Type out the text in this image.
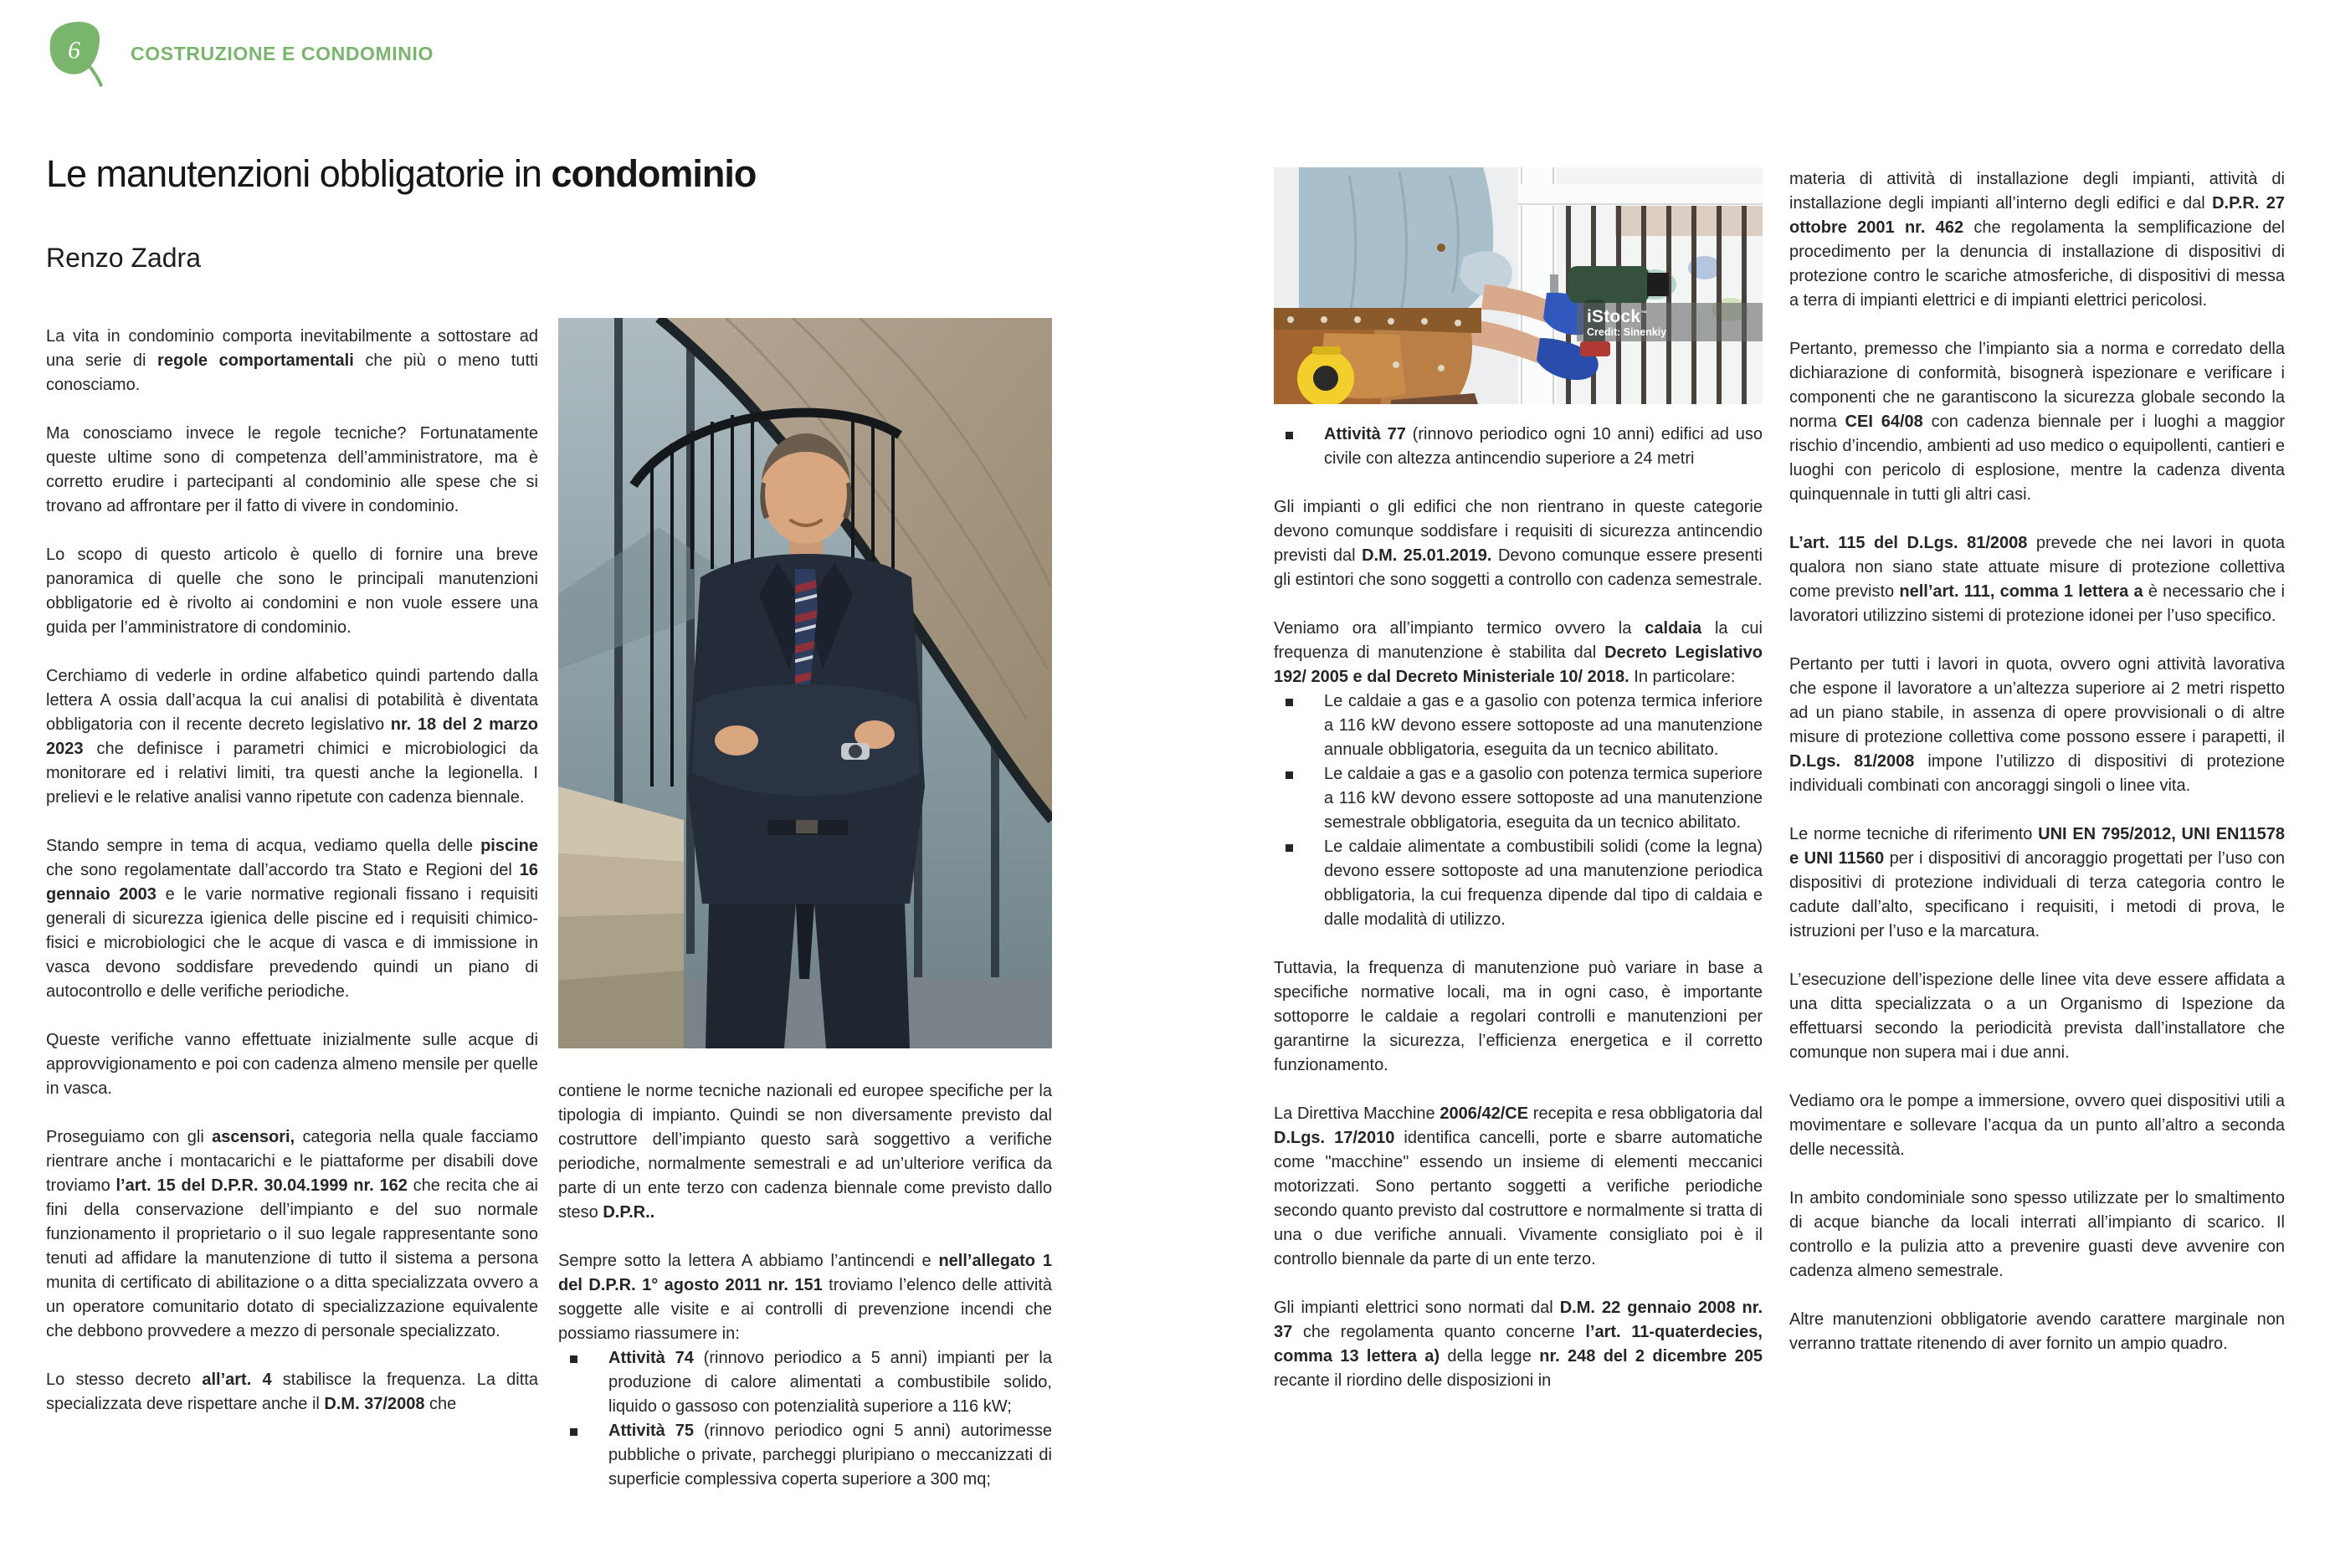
6	COSTRUZIONE E CONDOMINIO
Le manutenzioni obbligatorie in condominio
Renzo Zadra

La vita in condominio comporta inevitabilmente a sottostare ad una serie di regole comportamentali che più o meno tutti conosciamo.

Ma conosciamo invece le regole tecniche? Fortunatamente queste ultime sono di competenza dell’amministratore, ma è corretto erudire i partecipanti al condominio alle spese che si trovano ad affrontare per il fatto di vivere in condominio.

Lo scopo di questo articolo è quello di fornire una breve panoramica di quelle che sono le principali manutenzioni obbligatorie ed è rivolto ai condomini e non vuole essere una guida per l’amministratore di condominio.

Cerchiamo di vederle in ordine alfabetico quindi partendo dalla lettera A ossia dall’acqua la cui analisi di potabilità è diventata obbligatoria con il recente decreto legislativo nr. 18 del 2 marzo 2023 che definisce i parametri chimici e microbiologici da monitorare ed i relativi limiti, tra questi anche la legionella. I prelievi e le relative analisi vanno ripetute con cadenza biennale.

Stando sempre in tema di acqua, vediamo quella delle piscine che sono regolamentate dall’accordo tra Stato e Regioni del 16 gennaio 2003 e le varie normative regionali fissano i requisiti generali di sicurezza igienica delle piscine ed i requisiti chimico-fisici e microbiologici che le acque di vasca e di immissione in vasca devono soddisfare prevedendo quindi un piano di autocontrollo e delle verifiche periodiche.

Queste verifiche vanno effettuate inizialmente sulle acque di approvvigionamento e poi con cadenza almeno mensile per quelle in vasca.

Proseguiamo con gli ascensori, categoria nella quale facciamo rientrare anche i montacarichi e le piattaforme per disabili dove troviamo l’art. 15 del D.P.R. 30.04.1999 nr. 162 che recita che ai fini della conservazione dell’impianto e del suo normale funzionamento il proprietario o il suo legale rappresentante sono tenuti ad affidare la manutenzione di tutto il sistema a persona munita di certificato di abilitazione o a ditta specializzata ovvero a un operatore comunitario dotato di specializzazione equivalente che debbono provvedere a mezzo di personale specializzato.

Lo stesso decreto all’art. 4 stabilisce la frequenza. La ditta specializzata deve rispettare anche il D.M. 37/2008 che

contiene le norme tecniche nazionali ed europee specifiche per la tipologia di impianto. Quindi se non diversamente previsto dal costruttore dell’impianto questo sarà soggettivo a verifiche periodiche, normalmente semestrali e ad un’ulteriore verifica da parte di un ente terzo con cadenza biennale come previsto dallo steso D.P.R..

Sempre sotto la lettera A abbiamo l’antincendi e nell’allegato 1 del D.P.R. 1° agosto 2011 nr. 151 troviamo l’elenco delle attività soggette alle visite e ai controlli di prevenzione incendi che possiamo riassumere in:

Attività 74 (rinnovo periodico a 5 anni) impianti per la produzione di calore alimentati a combustibile solido, liquido o gassoso con potenzialità superiore a 116 kW;
Attività 75 (rinnovo periodico ogni 5 anni) autorimesse pubbliche o private, parcheggi pluripiano o meccanizzati di superficie complessiva coperta superiore a 300 mq;
iStock™
Credit: Sinenkiy
Attività 77 (rinnovo periodico ogni 10 anni) edifici ad uso civile con altezza antincendio superiore a 24 metri

Gli impianti o gli edifici che non rientrano in queste categorie devono comunque soddisfare i requisiti di sicurezza antincendio previsti dal D.M. 25.01.2019. Devono comunque essere presenti gli estintori che sono soggetti a controllo con cadenza semestrale.

Veniamo ora all’impianto termico ovvero la caldaia la cui frequenza di manutenzione è stabilita dal Decreto Legislativo 192/ 2005 e dal Decreto Ministeriale 10/ 2018. In particolare:

Le caldaie a gas e a gasolio con potenza termica inferiore a 116 kW devono essere sottoposte ad una manutenzione annuale obbligatoria, eseguita da un tecnico abilitato.
Le caldaie a gas e a gasolio con potenza termica superiore a 116 kW devono essere sottoposte ad una manutenzione semestrale obbligatoria, eseguita da un tecnico abilitato.
Le caldaie alimentate a combustibili solidi (come la legna) devono essere sottoposte ad una manutenzione periodica obbligatoria, la cui frequenza dipende dal tipo di caldaia e dalle modalità di utilizzo.

Tuttavia, la frequenza di manutenzione può variare in base a specifiche normative locali, ma in ogni caso, è importante sottoporre le caldaie a regolari controlli e manutenzioni per garantirne la sicurezza, l’efficienza energetica e il corretto funzionamento.

La Direttiva Macchine 2006/42/CE recepita e resa obbligatoria dal D.Lgs. 17/2010 identifica cancelli, porte e sbarre automatiche come "macchine" essendo un insieme di elementi meccanici motorizzati. Sono pertanto soggetti a verifiche periodiche secondo quanto previsto dal costruttore e normalmente si tratta di una o due verifiche annuali. Vivamente consigliato poi è il controllo biennale da parte di un ente terzo.

Gli impianti elettrici sono normati dal D.M. 22 gennaio 2008 nr. 37 che regolamenta quanto concerne l’art. 11-quaterdecies, comma 13 lettera a) della legge nr. 248 del 2 dicembre 205 recante il riordino delle disposizioni in

materia di attività di installazione degli impianti, attività di installazione degli impianti all’interno degli edifici e dal D.P.R. 27 ottobre 2001 nr. 462 che regolamenta la semplificazione del procedimento per la denuncia di installazione di dispositivi di protezione contro le scariche atmosferiche, di dispositivi di messa a terra di impianti elettrici e di impianti elettrici pericolosi.

Pertanto, premesso che l’impianto sia a norma e corredato della dichiarazione di conformità, bisognerà ispezionare e verificare i componenti che ne garantiscono la sicurezza globale secondo la norma CEI 64/08 con cadenza biennale per i luoghi a maggior rischio d’incendio, ambienti ad uso medico o equipollenti, cantieri e luoghi con pericolo di esplosione, mentre la cadenza diventa quinquennale in tutti gli altri casi.

L’art. 115 del D.Lgs. 81/2008 prevede che nei lavori in quota qualora non siano state attuate misure di protezione collettiva come previsto nell’art. 111, comma 1 lettera a è necessario che i lavoratori utilizzino sistemi di protezione idonei per l’uso specifico.

Pertanto per tutti i lavori in quota, ovvero ogni attività lavorativa che espone il lavoratore a un’altezza superiore ai 2 metri rispetto ad un piano stabile, in assenza di opere provvisionali o di altre misure di protezione collettiva come possono essere i parapetti, il D.Lgs. 81/2008 impone l’utilizzo di dispositivi di protezione individuali combinati con ancoraggi singoli o linee vita.

Le norme tecniche di riferimento UNI EN 795/2012, UNI EN11578 e UNI 11560 per i dispositivi di ancoraggio progettati per l’uso con dispositivi di protezione individuali di terza categoria contro le cadute dall’alto, specificano i requisiti, i metodi di prova, le istruzioni per l’uso e la marcatura.

L’esecuzione dell’ispezione delle linee vita deve essere affidata a una ditta specializzata o a un Organismo di Ispezione da effettuarsi secondo la periodicità prevista dall’installatore che comunque non supera mai i due anni.

Vediamo ora le pompe a immersione, ovvero quei dispositivi utili a movimentare e sollevare l’acqua da un punto all’altro a seconda delle necessità.

In ambito condominiale sono spesso utilizzate per lo smaltimento di acque bianche da locali interrati all’impianto di scarico. Il controllo e la pulizia atto a prevenire guasti deve avvenire con cadenza almeno semestrale.

Altre manutenzioni obbligatorie avendo carattere marginale non verranno trattate ritenendo di aver fornito un ampio quadro.
